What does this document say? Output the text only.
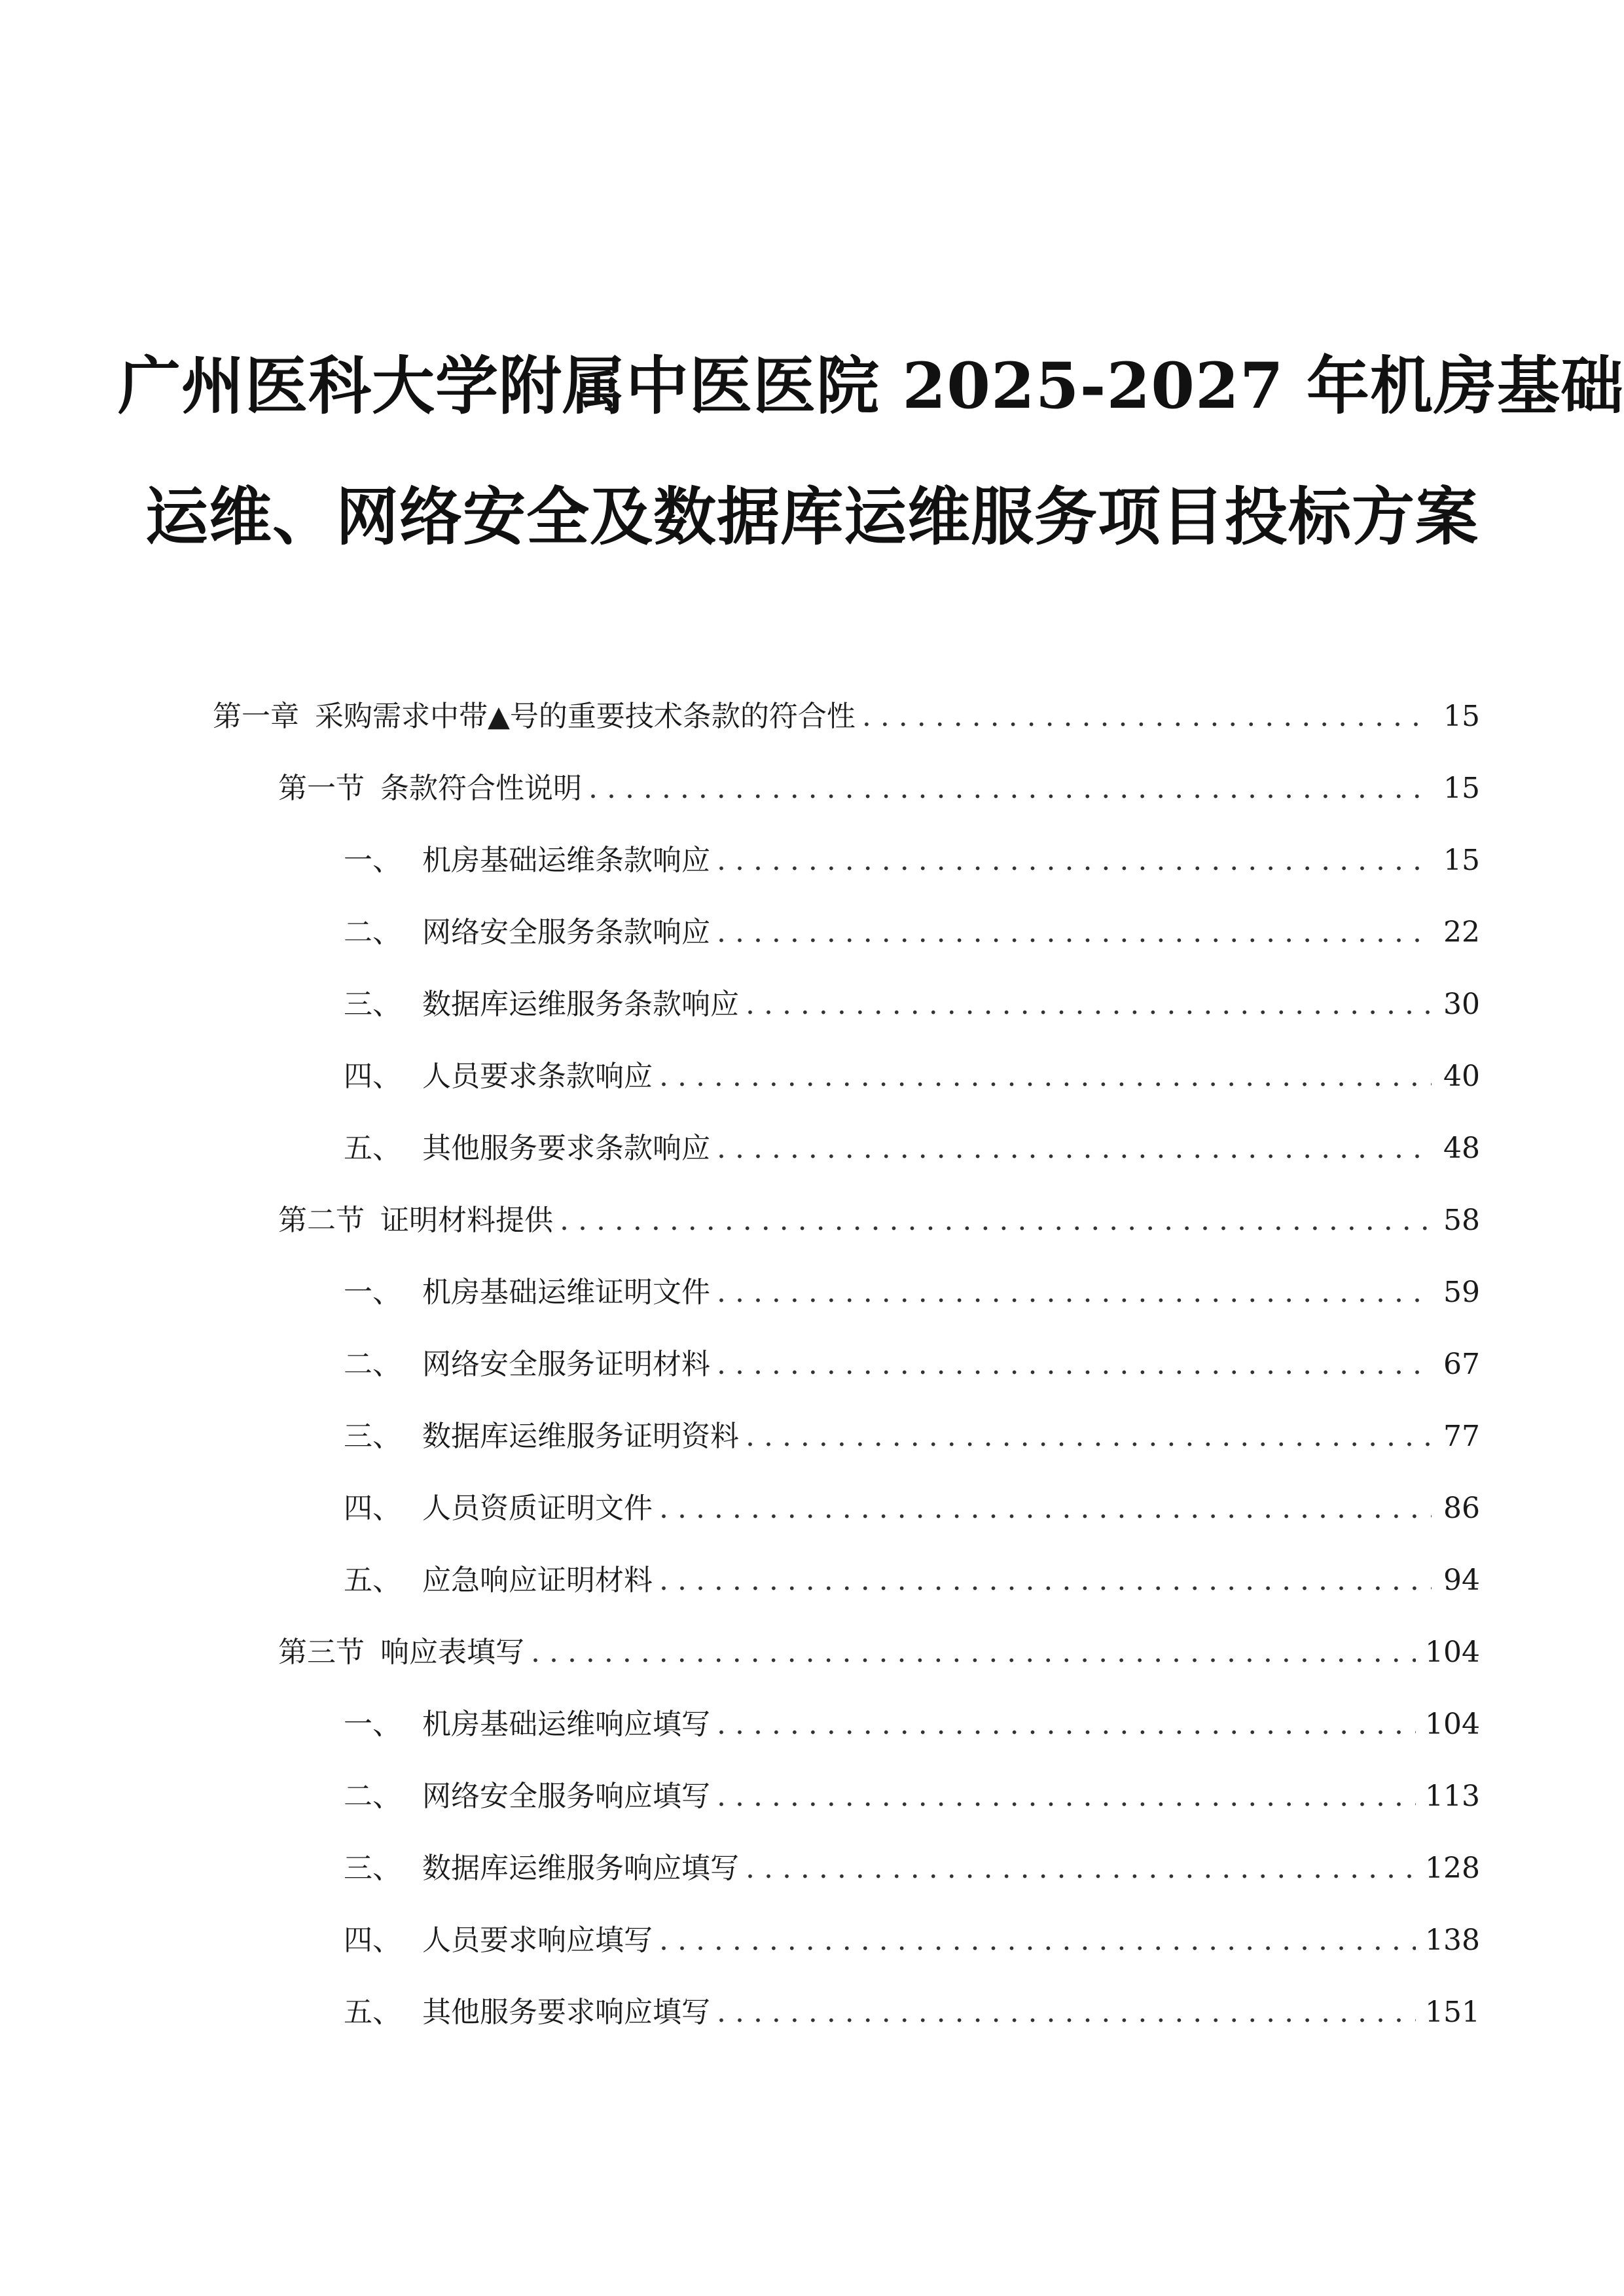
广州医科大学附属中医医院 2025-2027 年机房基础
运维、网络安全及数据库运维服务项目投标方案
第一章 采购需求中带▲号的重要技术条款的符合性 . . .	15
第一节 条款符合性说明 . . .	15
一、 机房基础运维条款响应 . . .	15
二、 网络安全服务条款响应 . . .	22
三、 数据库运维服务条款响应 . . .	30
四、 人员要求条款响应 . . .	40
五、 其他服务要求条款响应 . . .	48
第二节 证明材料提供 . . .	58
一、 机房基础运维证明文件 . . .	59
二、 网络安全服务证明材料 . . .	67
三、 数据库运维服务证明资料 . . .	77
四、 人员资质证明文件 . . .	86
五、 应急响应证明材料 . . .	94
第三节 响应表填写 . . .	104
一、 机房基础运维响应填写 . . .	104
二、 网络安全服务响应填写 . . .	113
三、 数据库运维服务响应填写 . . .	128
四、 人员要求响应填写 . . .	138
五、 其他服务要求响应填写 . . .	151
